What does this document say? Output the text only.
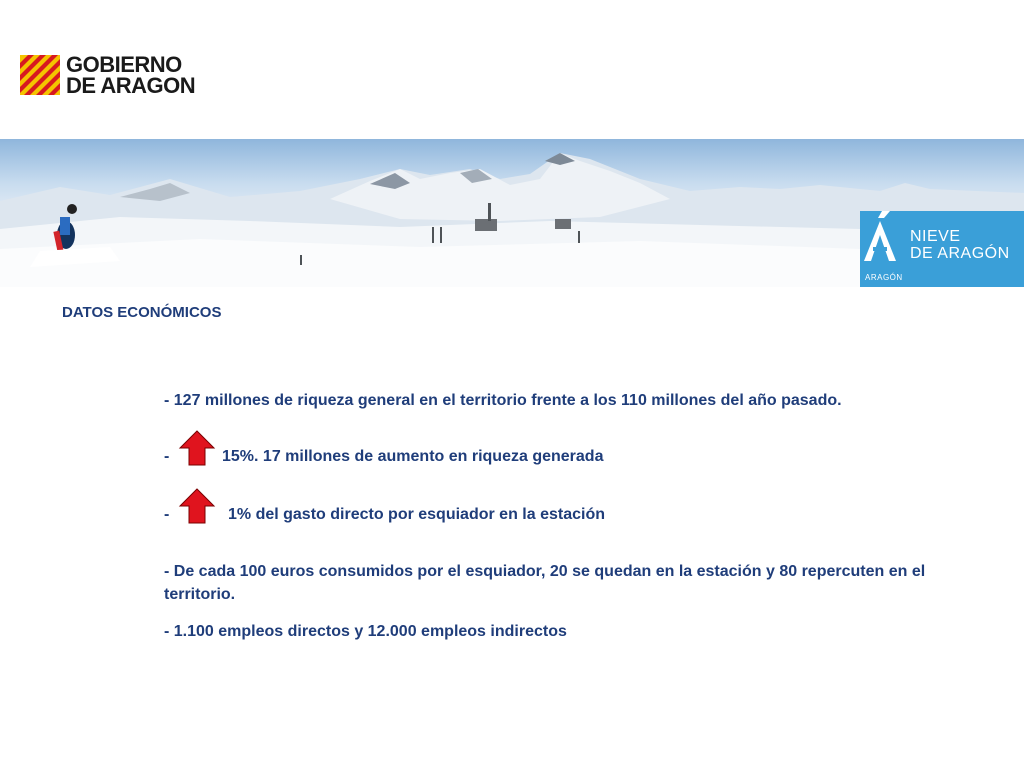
GOBIERNO
DE ARAGON
NIEVE
DE ARAGÓN
ARAGÓN
DATOS ECONÓMICOS
- 127 millones de riqueza general en el territorio frente a los 110 millones del año pasado.
-	15%. 17 millones de aumento en riqueza generada
-	1% del gasto directo por esquiador en la estación
- De cada 100 euros consumidos por el esquiador, 20 se quedan en la estación y 80 repercuten en el territorio.
- 1.100 empleos directos y 12.000 empleos indirectos
